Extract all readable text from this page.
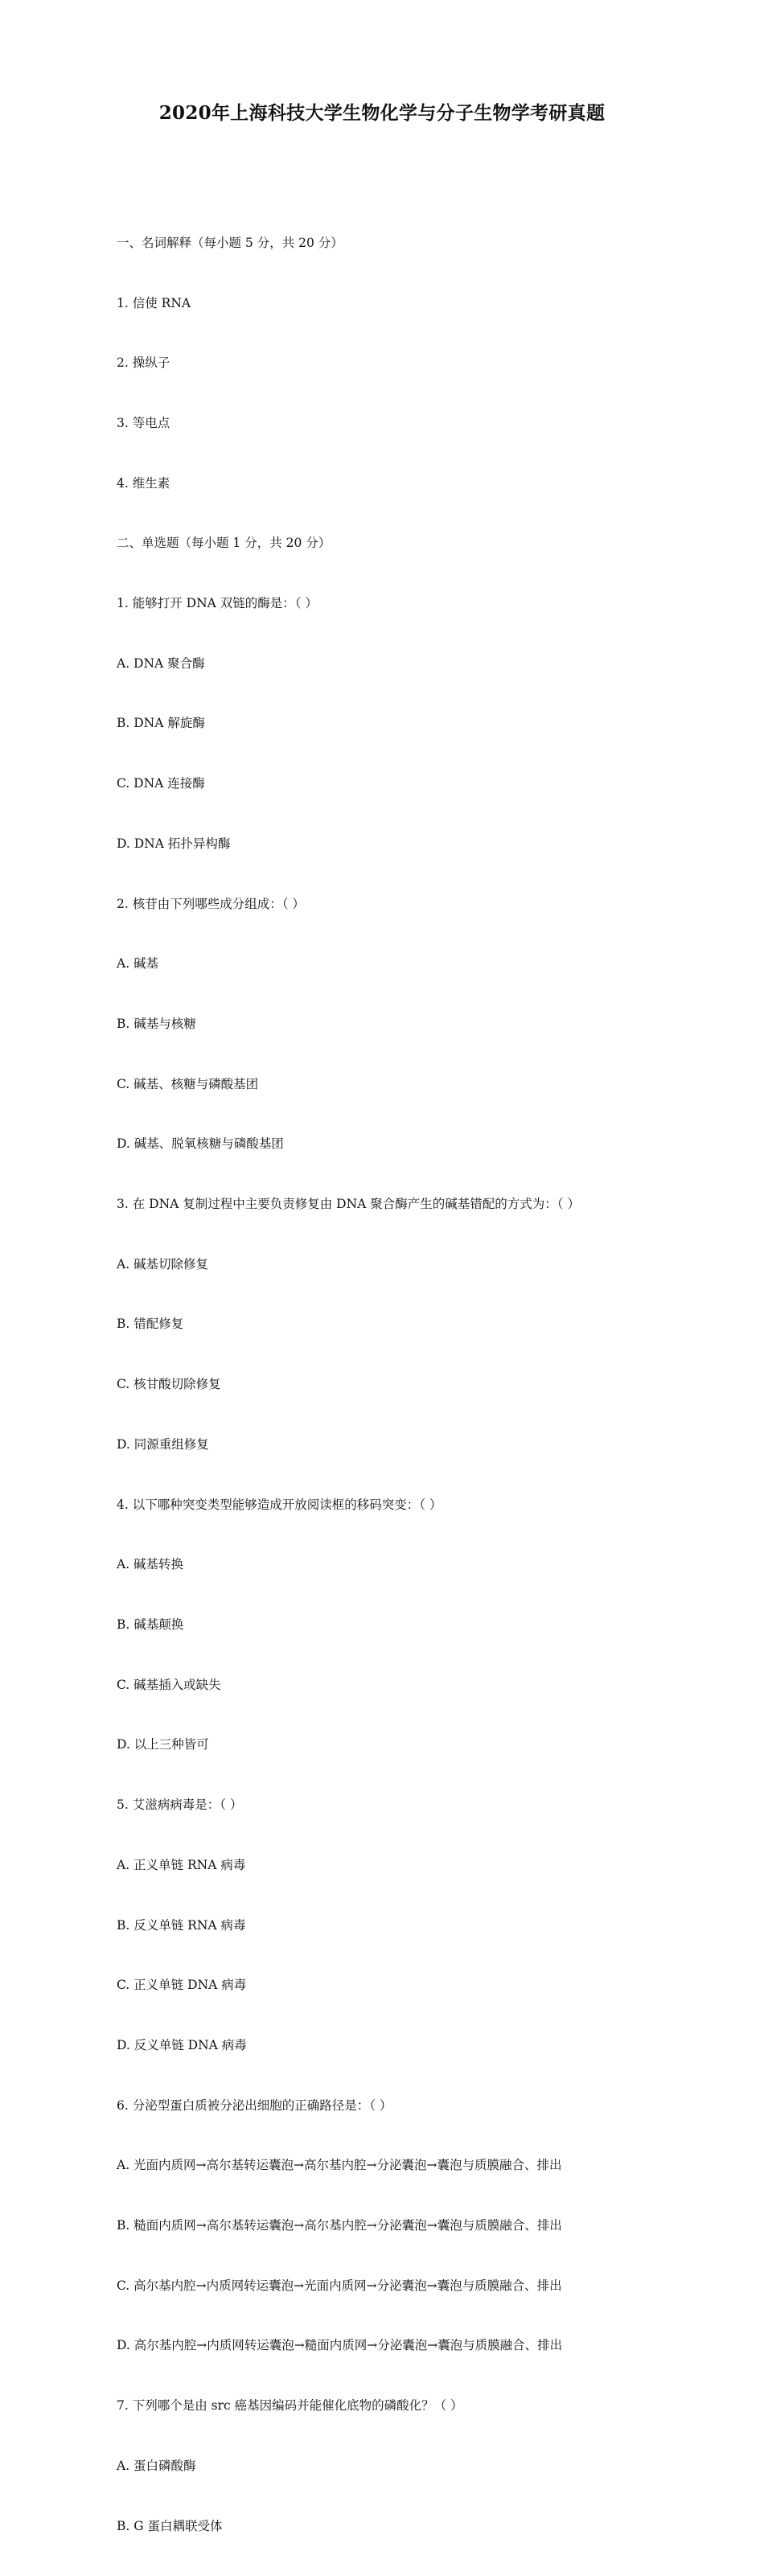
2020年上海科技大学生物化学与分子生物学考研真题

一、名词解释（每小题 5 分，共 20 分）

1. 信使 RNA

2. 操纵子

3. 等电点

4. 维生素

二、单选题（每小题 1 分，共 20 分）

1. 能够打开 DNA 双链的酶是：（ ）

A. DNA 聚合酶

B. DNA 解旋酶

C. DNA 连接酶

D. DNA 拓扑异构酶

2. 核苷由下列哪些成分组成：（ ）

A. 碱基

B. 碱基与核糖

C. 碱基、核糖与磷酸基团

D. 碱基、脱氧核糖与磷酸基团

3. 在 DNA 复制过程中主要负责修复由 DNA 聚合酶产生的碱基错配的方式为：（ ）

A. 碱基切除修复

B. 错配修复

C. 核甘酸切除修复

D. 同源重组修复

4. 以下哪种突变类型能够造成开放阅读框的移码突变：（ ）

A. 碱基转换

B. 碱基颠换

C. 碱基插入或缺失

D. 以上三种皆可

5. 艾滋病病毒是：（ ）

A. 正义单链 RNA 病毒

B. 反义单链 RNA 病毒

C. 正义单链 DNA 病毒

D. 反义单链 DNA 病毒

6. 分泌型蛋白质被分泌出细胞的正确路径是：（ ）

A. 光面内质网→高尔基转运囊泡→高尔基内腔→分泌囊泡→囊泡与质膜融合、排出

B. 糙面内质网→高尔基转运囊泡→高尔基内腔→分泌囊泡→囊泡与质膜融合、排出

C. 高尔基内腔→内质网转运囊泡→光面内质网→分泌囊泡→囊泡与质膜融合、排出

D. 高尔基内腔→内质网转运囊泡→糙面内质网→分泌囊泡→囊泡与质膜融合、排出

7. 下列哪个是由 src 癌基因编码并能催化底物的磷酸化？（ ）

A. 蛋白磷酸酶

B. G 蛋白耦联受体
